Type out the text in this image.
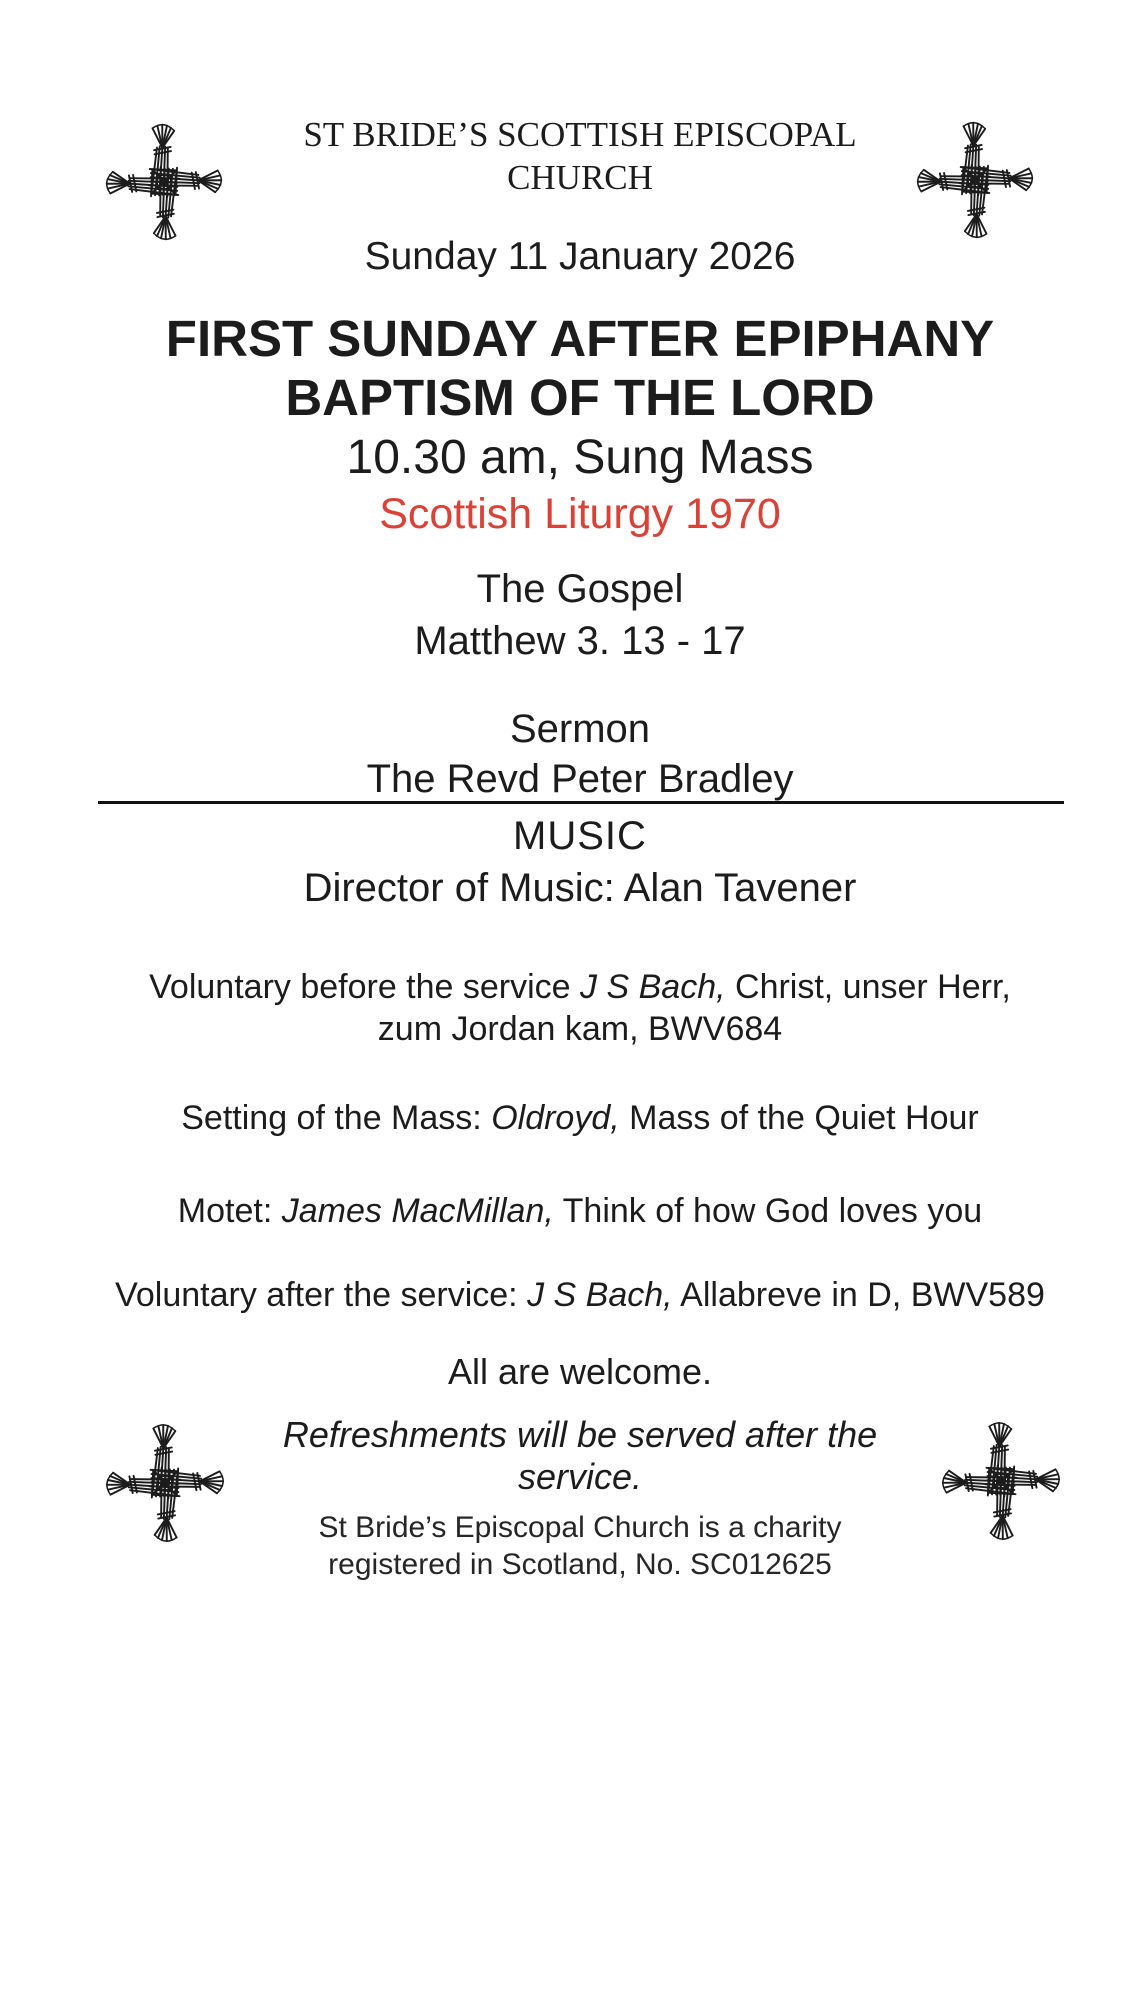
ST BRIDE’S SCOTTISH EPISCOPAL
CHURCH
Sunday 11 January 2026
FIRST SUNDAY AFTER EPIPHANY
BAPTISM OF THE LORD
10.30 am, Sung Mass
Scottish Liturgy 1970
The Gospel
Matthew 3. 13 - 17
Sermon
The Revd Peter Bradley
MUSIC
Director of Music: Alan Tavener
Voluntary before the service J S Bach, Christ, unser Herr,
zum Jordan kam, BWV684
Setting of the Mass: Oldroyd, Mass of the Quiet Hour
Motet: James MacMillan, Think of how God loves you
Voluntary after the service: J S Bach, Allabreve in D, BWV589
All are welcome.
Refreshments will be served after the
service.
St Bride’s Episcopal Church is a charity
registered in Scotland, No. SC012625
